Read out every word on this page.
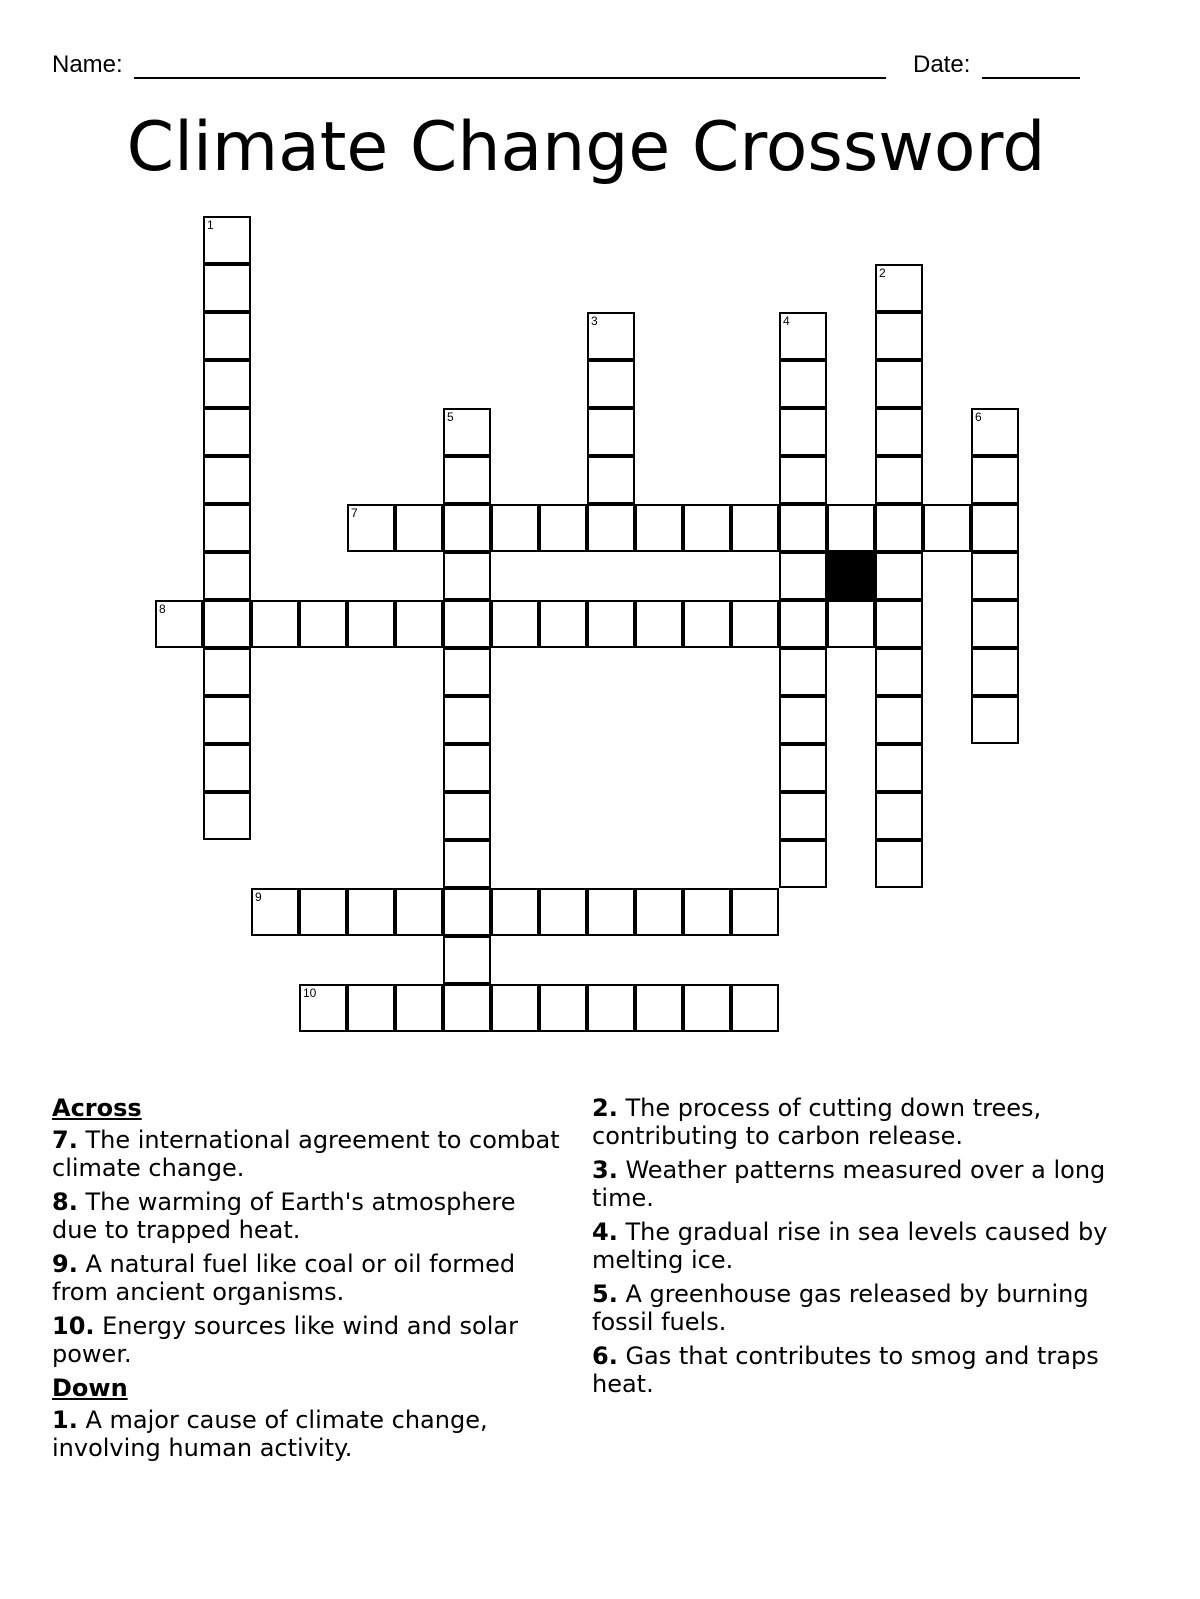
Name:	Date:
Climate Change Crossword
1
2
3	4
5	6
7
8
9
10
Across
7. The international agreement to combat climate change.
8. The warming of Earth's atmosphere due to trapped heat.
9. A natural fuel like coal or oil formed from ancient organisms.
10. Energy sources like wind and solar power.
Down
1. A major cause of climate change, involving human activity.
2. The process of cutting down trees, contributing to carbon release.
3. Weather patterns measured over a long time.
4. The gradual rise in sea levels caused by melting ice.
5. A greenhouse gas released by burning fossil fuels.
6. Gas that contributes to smog and traps heat.
